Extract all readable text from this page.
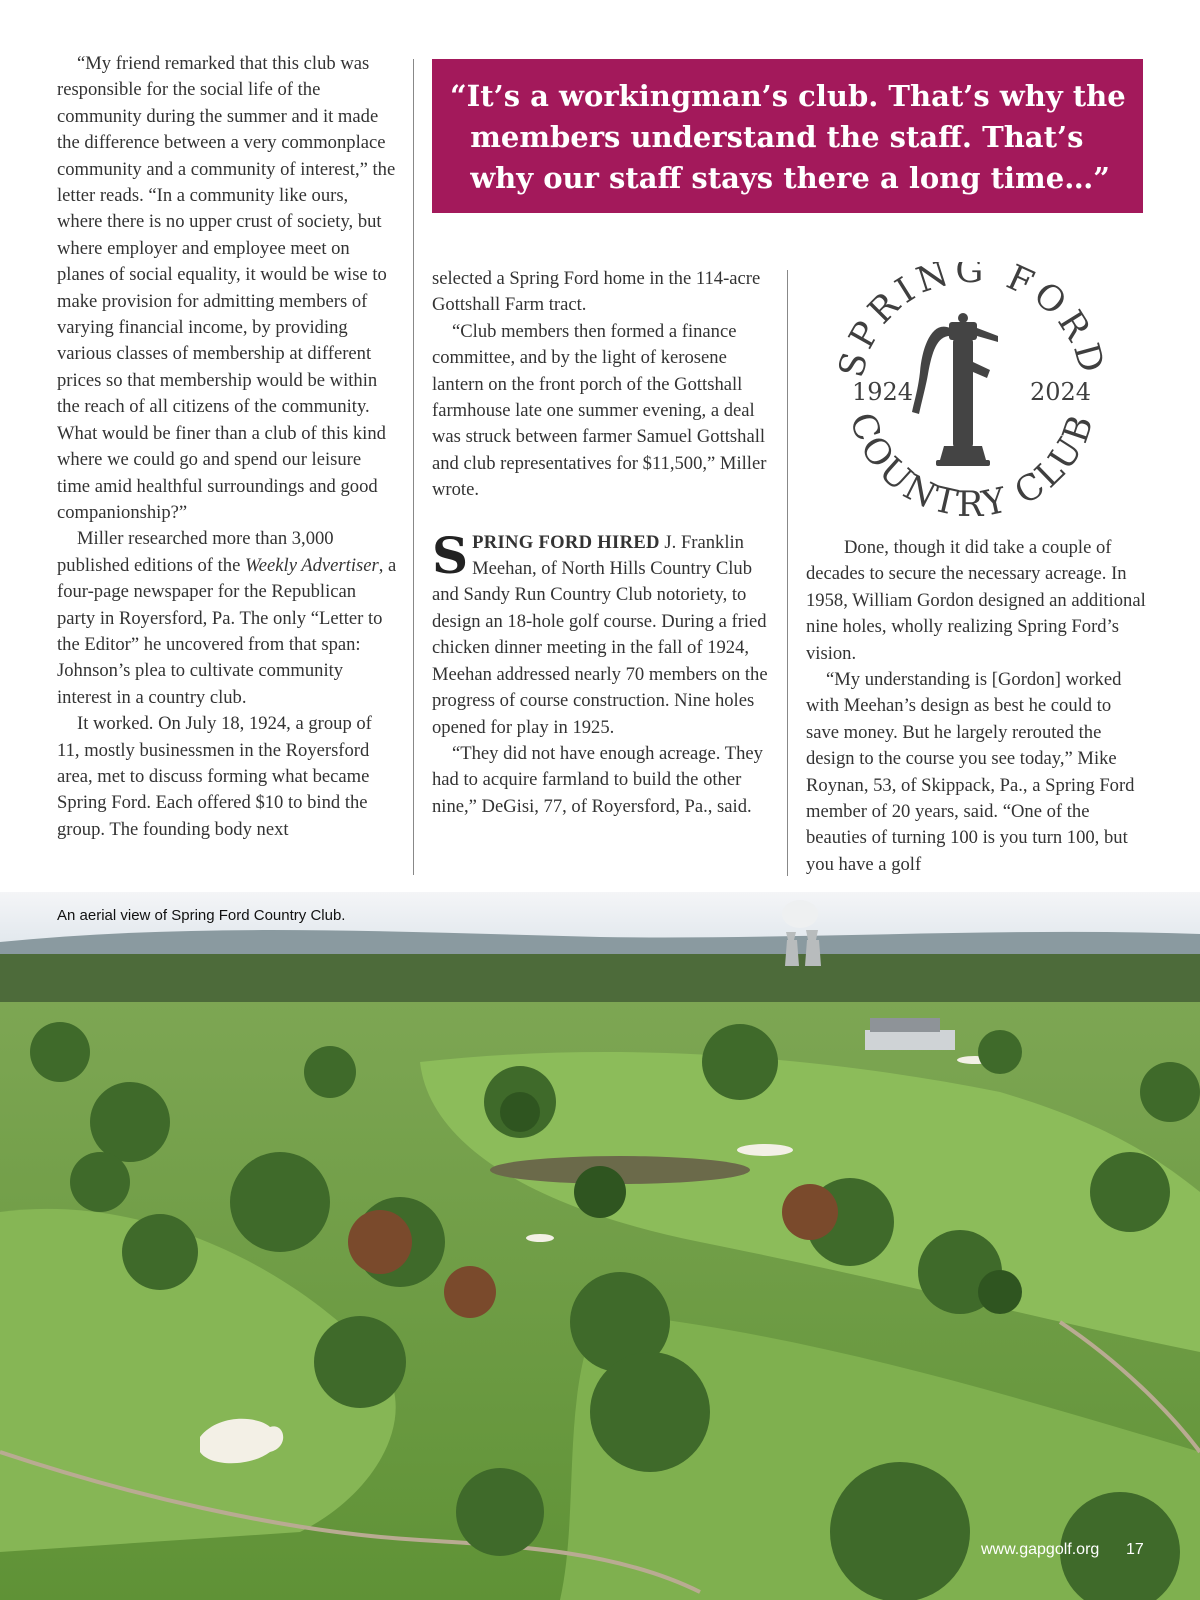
“My friend remarked that this club was responsible for the social life of the community during the summer and it made the difference between a very commonplace community and a community of interest,” the letter reads. “In a community like ours, where there is no upper crust of society, but where employer and employee meet on planes of social equality, it would be wise to make provision for admitting members of varying financial income, by providing various classes of membership at different prices so that membership would be within the reach of all citizens of the community. What would be finer than a club of this kind where we could go and spend our leisure time amid healthful surroundings and good companionship?”

Miller researched more than 3,000 published editions of the Weekly Advertiser, a four-page newspaper for the Republican party in Royersford, Pa. The only “Letter to the Editor” he uncovered from that span: Johnson’s plea to cultivate community interest in a country club.

It worked. On July 18, 1924, a group of 11, mostly businessmen in the Royersford area, met to discuss forming what became Spring Ford. Each offered $10 to bind the group. The founding body next

“It’s a workingman’s club. That’s why the
members understand the staff. That’s
why our staff stays there a long time…”

selected a Spring Ford home in the 114-acre Gottshall Farm tract.

“Club members then formed a finance committee, and by the light of kerosene lantern on the front porch of the Gottshall farmhouse late one summer evening, a deal was struck between farmer Samuel Gottshall and club representatives for $11,500,” Miller wrote.

SPRING FORD HIRED J. Franklin Meehan, of North Hills Country Club and Sandy Run Country Club notoriety, to design an 18-hole golf course. During a fried chicken dinner meeting in the fall of 1924, Meehan addressed nearly 70 members on the progress of course construction. Nine holes opened for play in 1925.

“They did not have enough acreage. They had to acquire farmland to build the other nine,” DeGisi, 77, of Royersford, Pa., said.

SPRING FORD
COUNTRY CLUB
1924	2024

Done, though it did take a couple of decades to secure the necessary acreage. In 1958, William Gordon designed an additional nine holes, wholly realizing Spring Ford’s vision.

“My understanding is [Gordon] worked with Meehan’s design as best he could to save money. But he largely rerouted the design to the course you see today,” Mike Roynan, 53, of Skippack, Pa., a Spring Ford member of 20 years, said. “One of the beauties of turning 100 is you turn 100, but you have a golf

An aerial view of Spring Ford Country Club.
www.gapgolf.org 17
